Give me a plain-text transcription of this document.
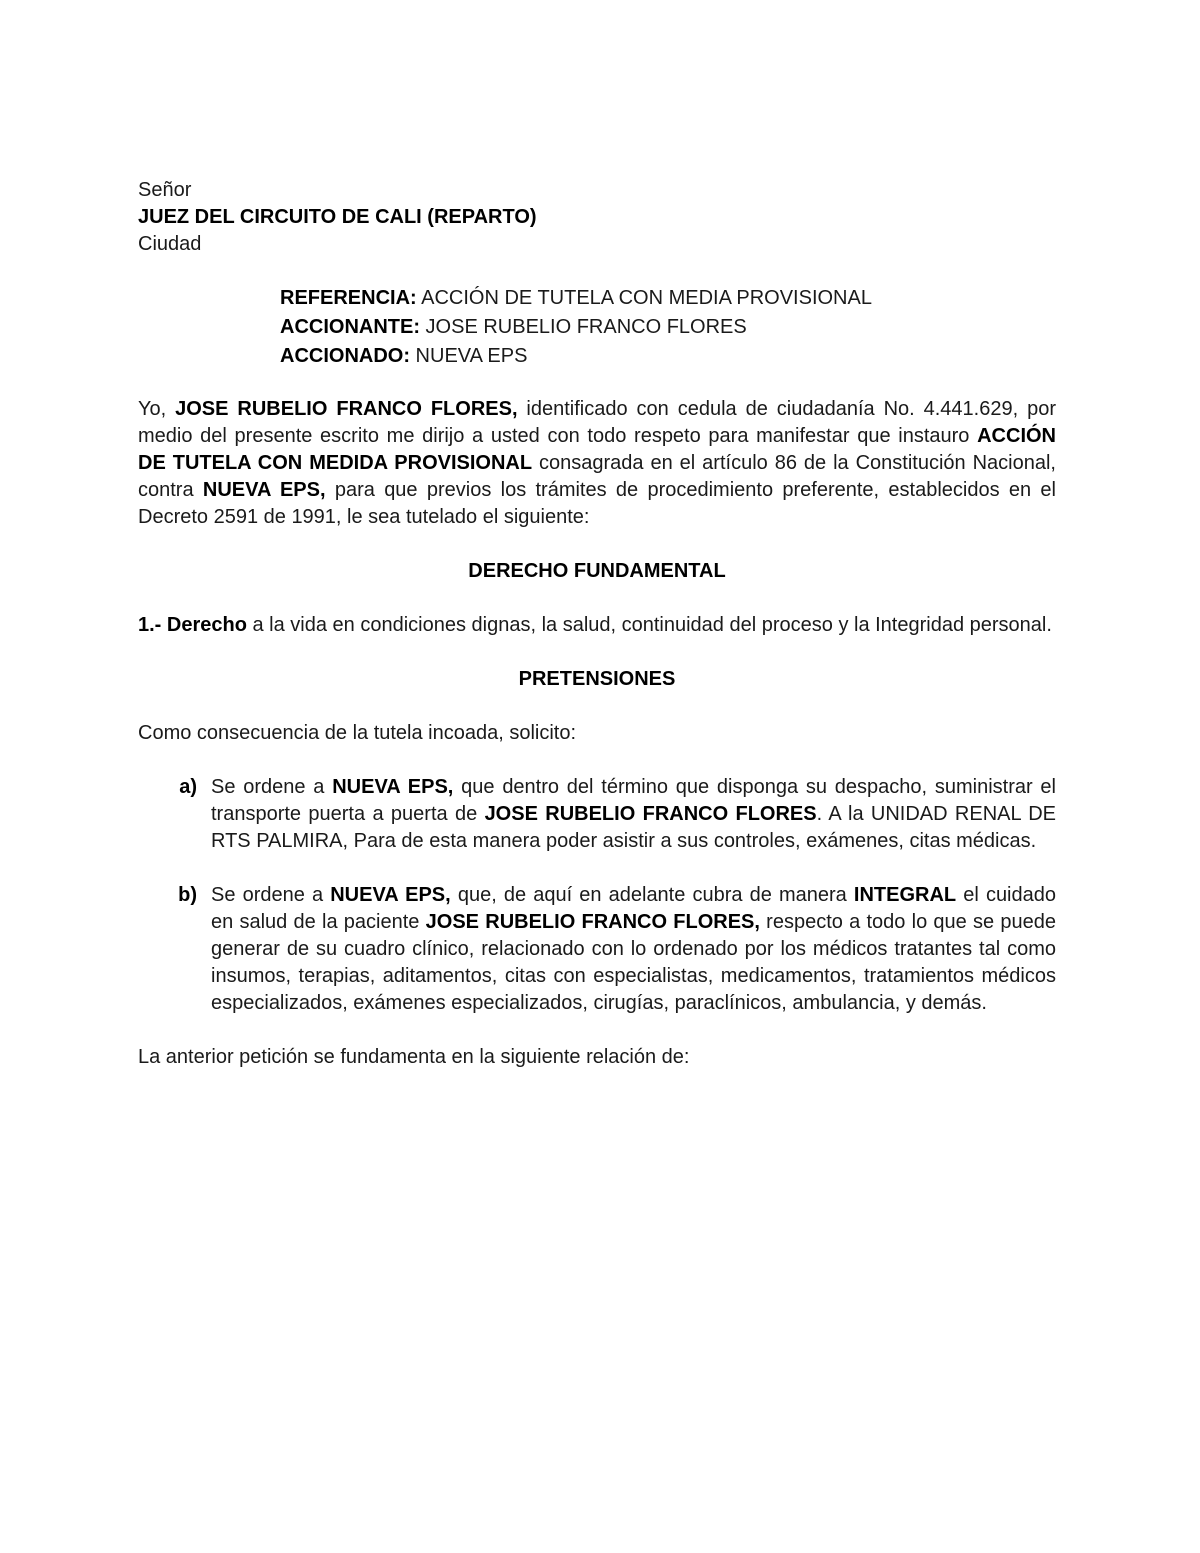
Señor
JUEZ DEL CIRCUITO DE CALI (REPARTO)
Ciudad
REFERENCIA: ACCIÓN DE TUTELA CON MEDIA PROVISIONAL
ACCIONANTE: JOSE RUBELIO FRANCO FLORES
ACCIONADO: NUEVA EPS

Yo, JOSE RUBELIO FRANCO FLORES, identificado con cedula de ciudadanía No. 4.441.629, por medio del presente escrito me dirijo a usted con todo respeto para manifestar que instauro ACCIÓN DE TUTELA CON MEDIDA PROVISIONAL consagrada en el artículo 86 de la Constitución Nacional, contra NUEVA EPS, para que previos los trámites de procedimiento preferente, establecidos en el Decreto 2591 de 1991, le sea tutelado el siguiente:

DERECHO FUNDAMENTAL

1.- Derecho a la vida en condiciones dignas, la salud, continuidad del proceso y la Integridad personal.

PRETENSIONES

Como consecuencia de la tutela incoada, solicito:

a) Se ordene a NUEVA EPS, que dentro del término que disponga su despacho, suministrar el transporte puerta a puerta de JOSE RUBELIO FRANCO FLORES. A la UNIDAD RENAL DE RTS PALMIRA, Para de esta manera poder asistir a sus controles, exámenes, citas médicas.

b) Se ordene a NUEVA EPS, que, de aquí en adelante cubra de manera INTEGRAL el cuidado en salud de la paciente JOSE RUBELIO FRANCO FLORES, respecto a todo lo que se puede generar de su cuadro clínico, relacionado con lo ordenado por los médicos tratantes tal como insumos, terapias, aditamentos, citas con especialistas, medicamentos, tratamientos médicos especializados, exámenes especializados, cirugías, paraclínicos, ambulancia, y demás.

La anterior petición se fundamenta en la siguiente relación de:
